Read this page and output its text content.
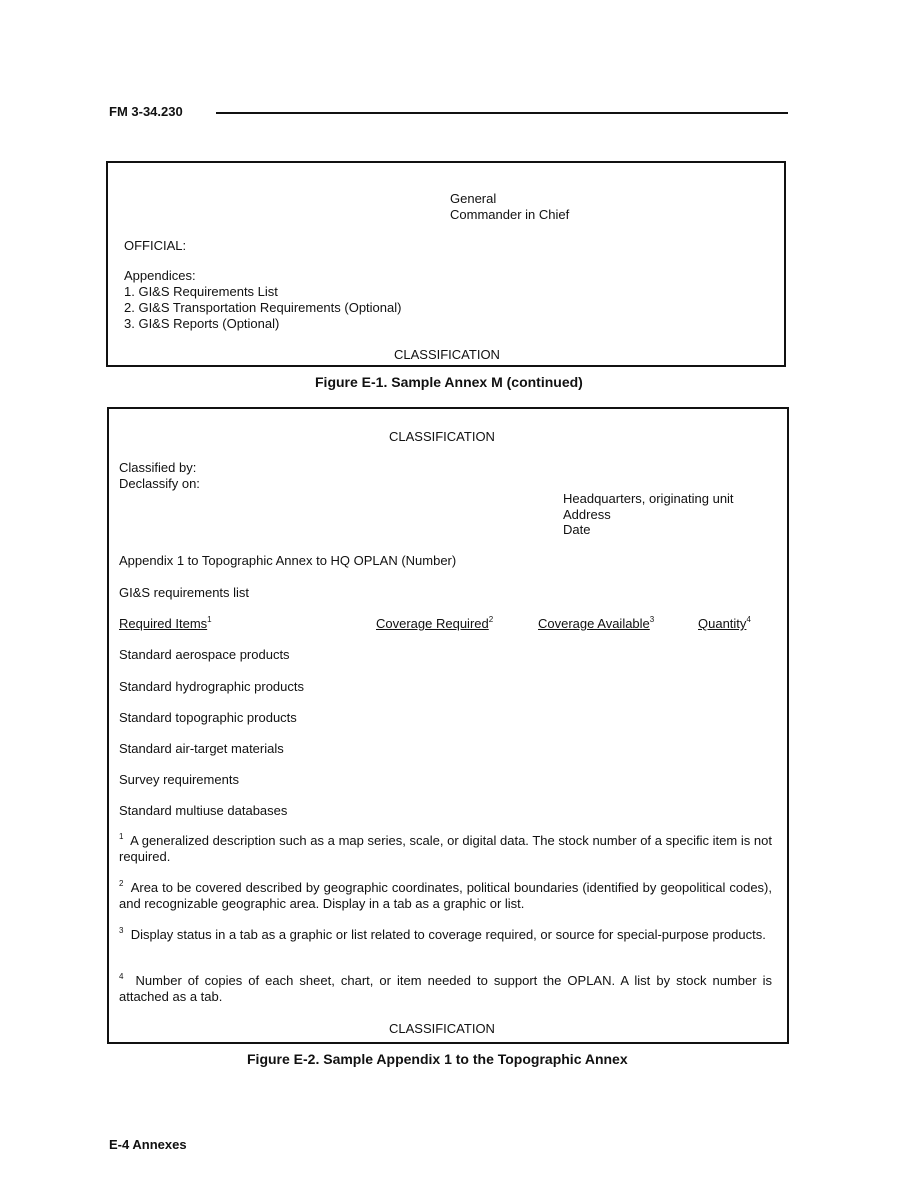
FM 3-34.230
General
Commander in Chief
OFFICIAL:
Appendices:
1. GI&S Requirements List
2. GI&S Transportation Requirements (Optional)
3. GI&S Reports (Optional)
CLASSIFICATION
Figure E-1. Sample Annex M (continued)
CLASSIFICATION
Classified by:
Declassify on:
Headquarters, originating unit
Address
Date
Appendix 1 to Topographic Annex to HQ OPLAN (Number)
GI&S requirements list
Required Items$^1$	Coverage Required$^2$	Coverage Available$^3$	Quantity$^4$
Standard aerospace products
Standard hydrographic products
Standard topographic products
Standard air-target materials
Survey requirements
Standard multiuse databases
$^1$ A generalized description such as a map series, scale, or digital data. The stock number of a specific item is not required.
$^2$ Area to be covered described by geographic coordinates, political boundaries (identified by geopolitical codes), and recognizable geographic area. Display in a tab as a graphic or list.
$^3$ Display status in a tab as a graphic or list related to coverage required, or source for special-purpose products.
$^4$ Number of copies of each sheet, chart, or item needed to support the OPLAN. A list by stock number is attached as a tab.
CLASSIFICATION
Figure E-2. Sample Appendix 1 to the Topographic Annex
E-4 Annexes
